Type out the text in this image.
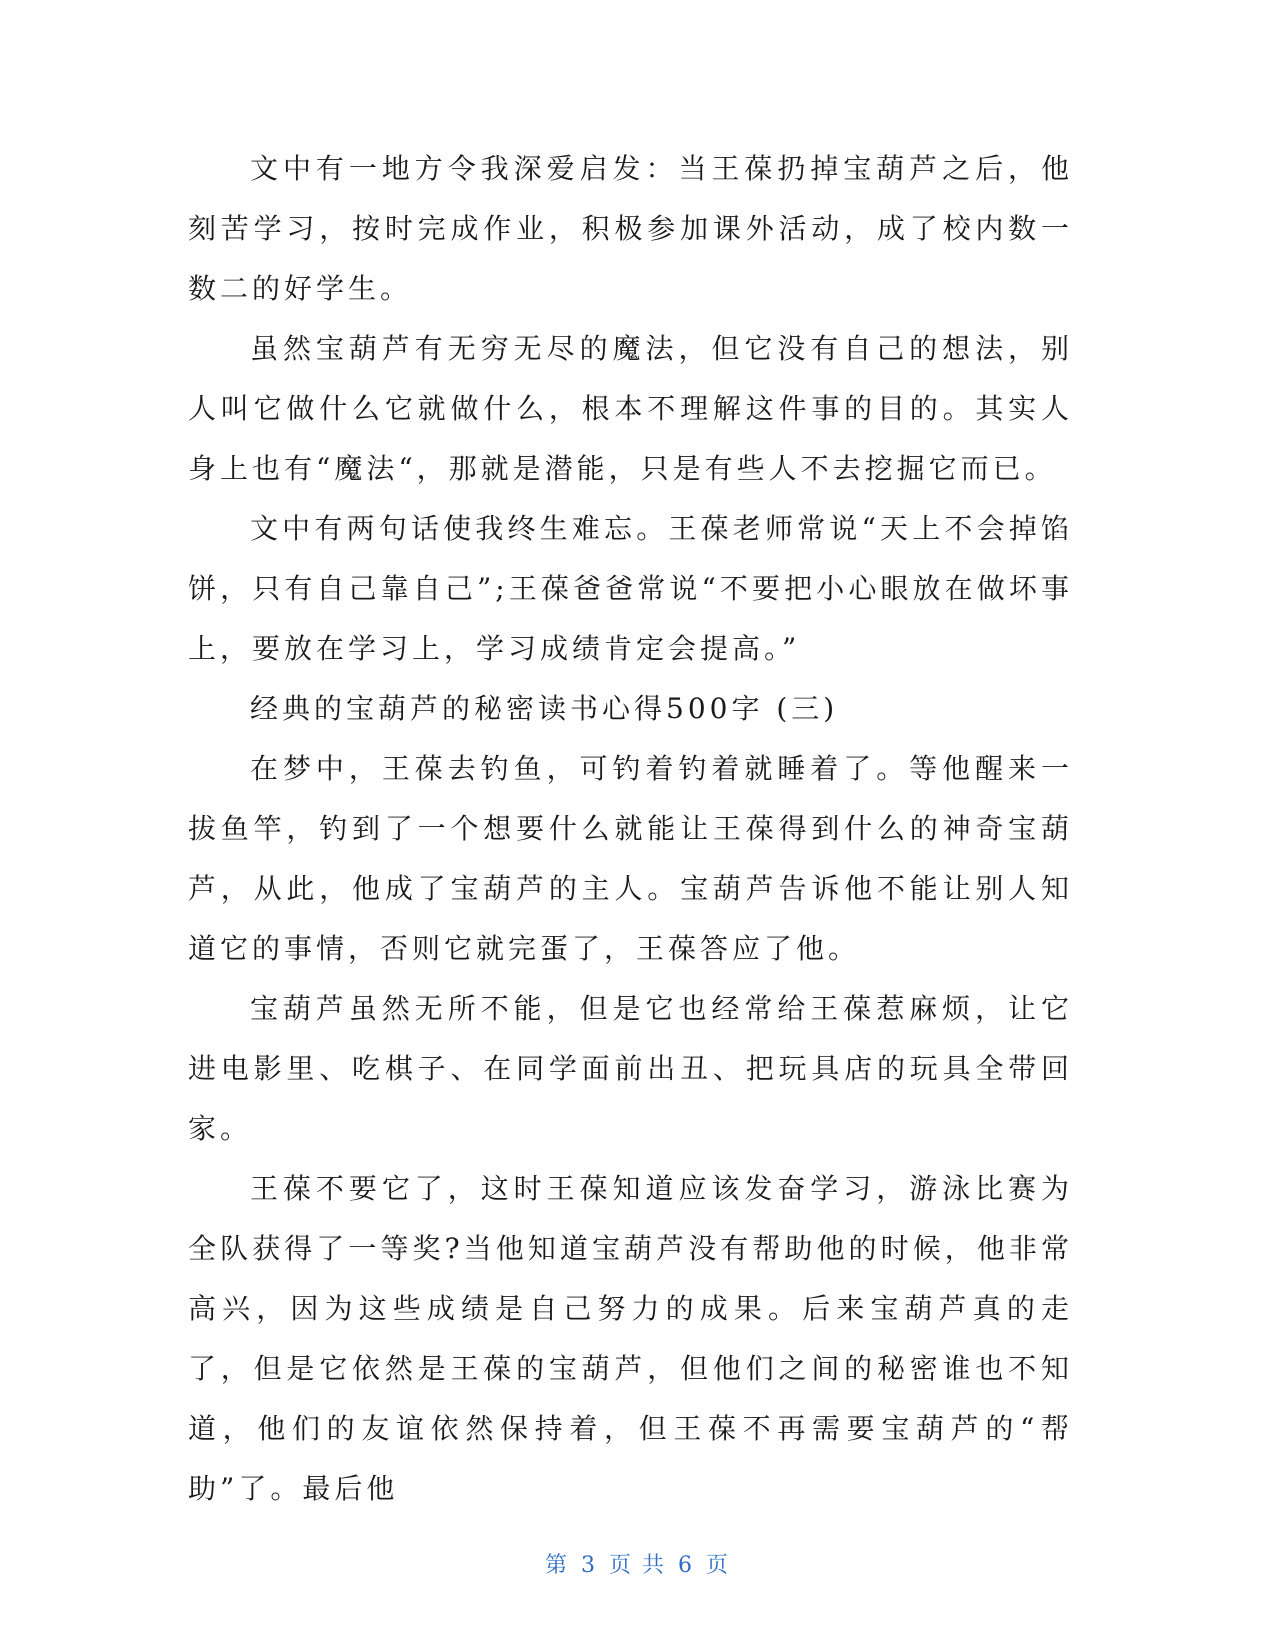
文中有一地方令我深爱启发：当王葆扔掉宝葫芦之后，他刻苦学习，按时完成作业，积极参加课外活动，成了校内数一数二的好学生。

虽然宝葫芦有无穷无尽的魔法，但它没有自己的想法，别人叫它做什么它就做什么，根本不理解这件事的目的。其实人身上也有“魔法“，那就是潜能，只是有些人不去挖掘它而已。

文中有两句话使我终生难忘。王葆老师常说“天上不会掉馅饼，只有自己靠自己”;王葆爸爸常说“不要把小心眼放在做坏事上，要放在学习上，学习成绩肯定会提高。”

经典的宝葫芦的秘密读书心得500字 (三)

在梦中，王葆去钓鱼，可钓着钓着就睡着了。等他醒来一拔鱼竿，钓到了一个想要什么就能让王葆得到什么的神奇宝葫芦，从此，他成了宝葫芦的主人。宝葫芦告诉他不能让别人知道它的事情，否则它就完蛋了，王葆答应了他。

宝葫芦虽然无所不能，但是它也经常给王葆惹麻烦，让它进电影里、吃棋子、在同学面前出丑、把玩具店的玩具全带回家。

王葆不要它了，这时王葆知道应该发奋学习，游泳比赛为全队获得了一等奖?当他知道宝葫芦没有帮助他的时候，他非常高兴，因为这些成绩是自己努力的成果。后来宝葫芦真的走了，但是它依然是王葆的宝葫芦，但他们之间的秘密谁也不知道，他们的友谊依然保持着，但王葆不再需要宝葫芦的“帮助”了。最后他

第 3 页 共 6 页
